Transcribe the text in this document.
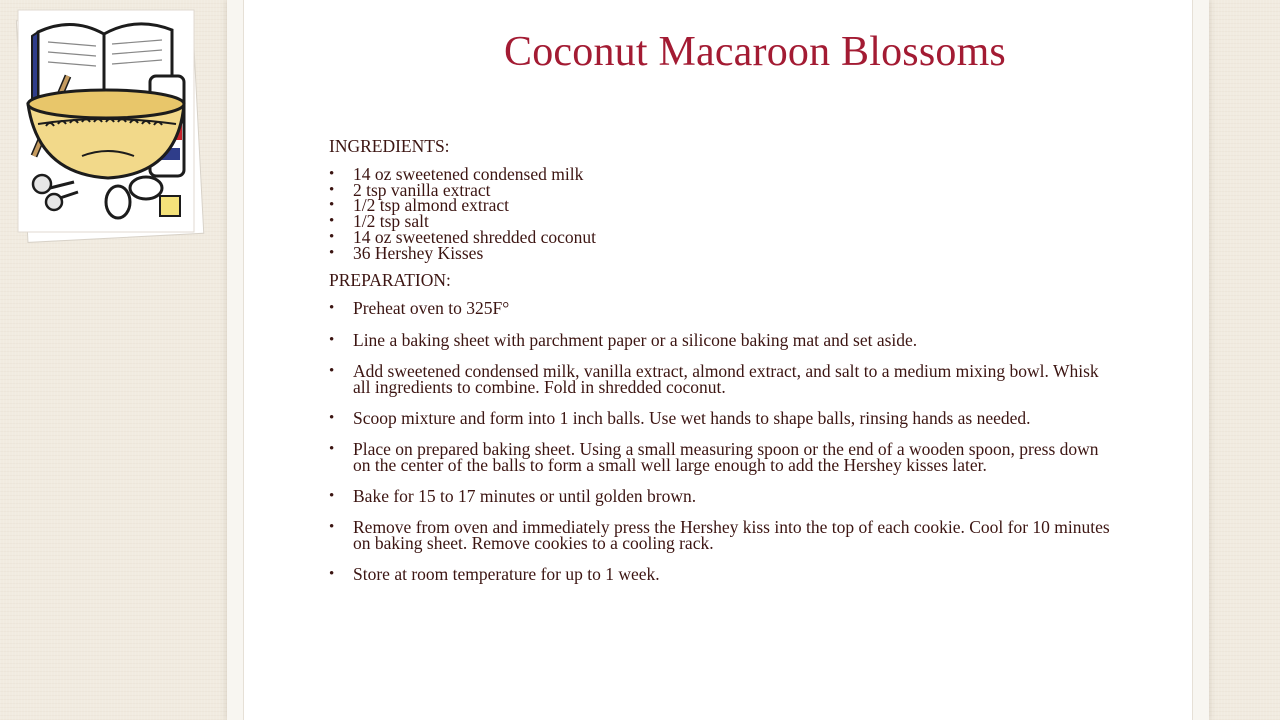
Coconut Macaroon Blossoms
INGREDIENTS:
• 14 oz sweetened condensed milk
• 2 tsp vanilla extract
• 1/2 tsp almond extract
• 1/2 tsp salt
• 14 oz sweetened shredded coconut
• 36 Hershey Kisses
PREPARATION:
• Preheat oven to 325F°
• Line a baking sheet with parchment paper or a silicone baking mat and set aside.
• Add sweetened condensed milk, vanilla extract, almond extract, and salt to a medium mixing bowl. Whisk all ingredients to combine. Fold in shredded coconut.
• Scoop mixture and form into 1 inch balls. Use wet hands to shape balls, rinsing hands as needed.
• Place on prepared baking sheet. Using a small measuring spoon or the end of a wooden spoon, press down on the center of the balls to form a small well large enough to add the Hershey kisses later.
• Bake for 15 to 17 minutes or until golden brown.
• Remove from oven and immediately press the Hershey kiss into the top of each cookie. Cool for 10 minutes on baking sheet. Remove cookies to a cooling rack.
• Store at room temperature for up to 1 week.
